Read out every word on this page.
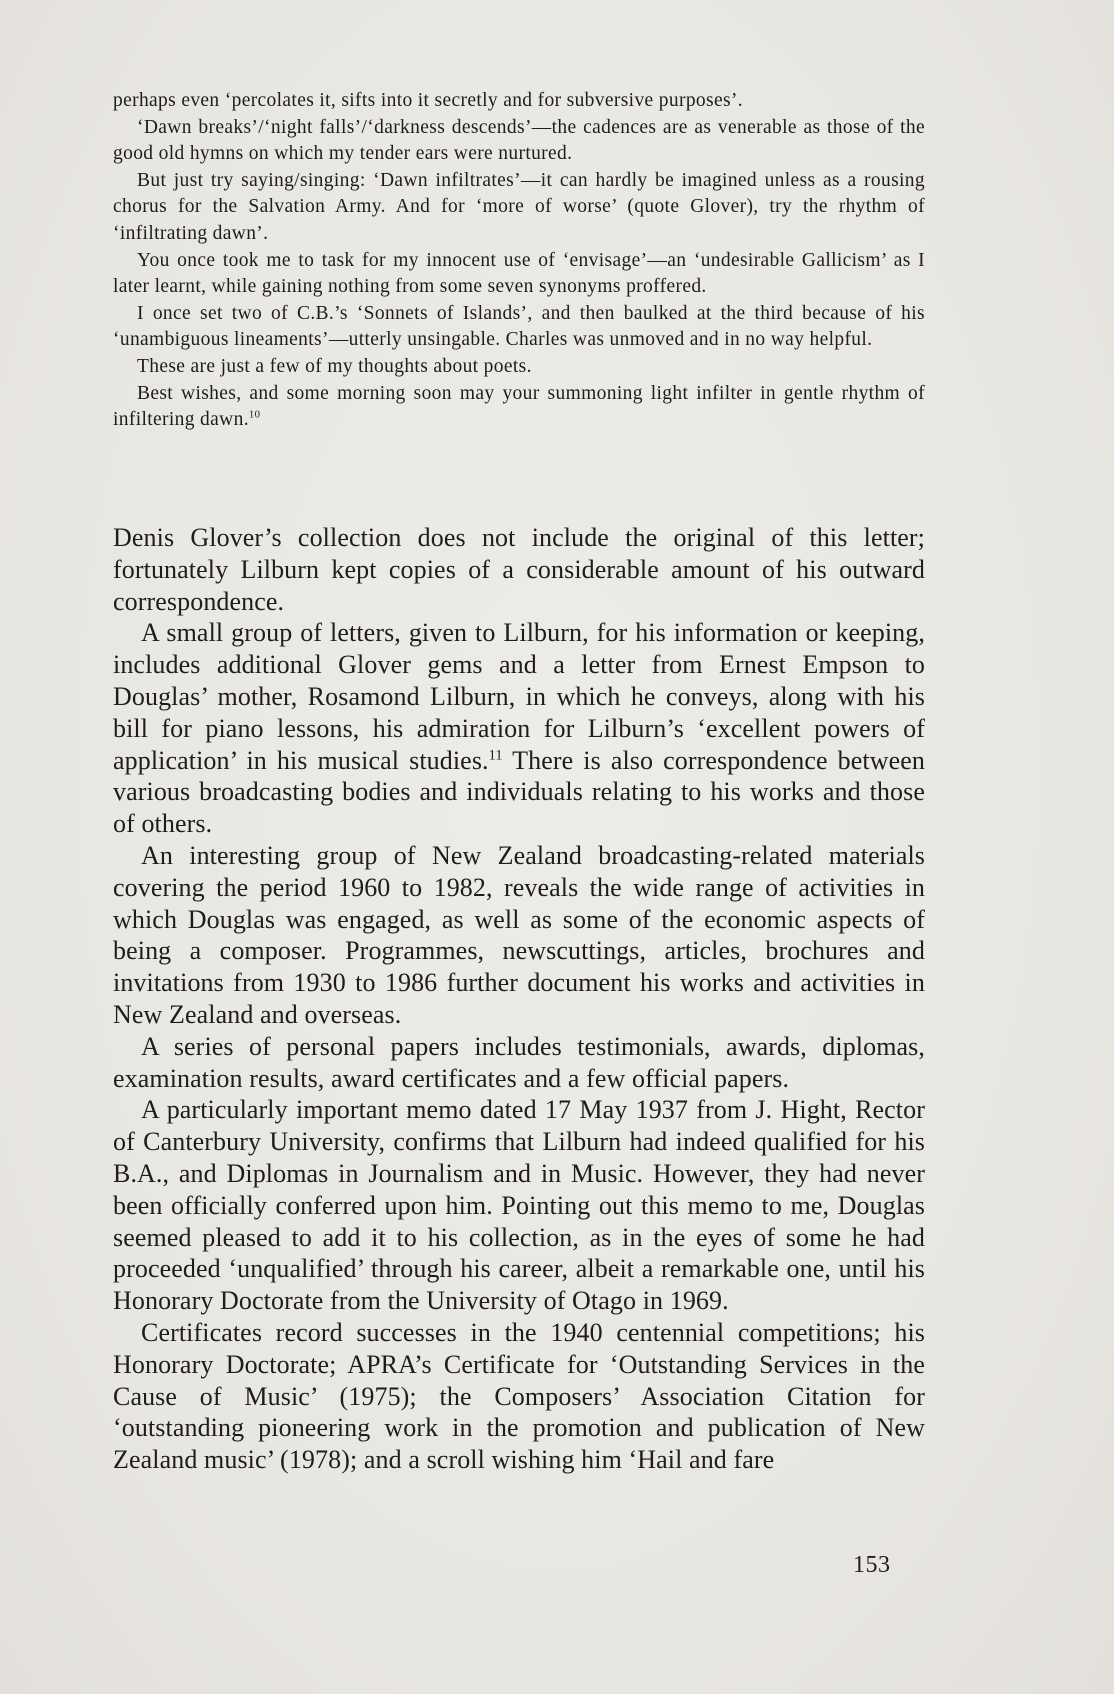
perhaps even ‘percolates it, sifts into it secretly and for subversive purposes’.

‘Dawn breaks’/‘night falls’/‘darkness descends’—the cadences are as venerable as those of the good old hymns on which my tender ears were nurtured.

But just try saying/singing: ‘Dawn infiltrates’—it can hardly be imagined unless as a rousing chorus for the Salvation Army. And for ‘more of worse’ (quote Glover), try the rhythm of ‘infiltrating dawn’.

You once took me to task for my innocent use of ‘envisage’—an ‘undesirable Gallicism’ as I later learnt, while gaining nothing from some seven synonyms proffered.

I once set two of C.B.’s ‘Sonnets of Islands’, and then baulked at the third because of his ‘unambiguous lineaments’—utterly unsingable. Charles was unmoved and in no way helpful.

These are just a few of my thoughts about poets.

Best wishes, and some morning soon may your summoning light infilter in gentle rhythm of infiltering dawn.$^{10}$

Denis Glover’s collection does not include the original of this letter; fortunately Lilburn kept copies of a considerable amount of his outward correspondence.

A small group of letters, given to Lilburn, for his information or keeping, includes additional Glover gems and a letter from Ernest Empson to Douglas’ mother, Rosamond Lilburn, in which he conveys, along with his bill for piano lessons, his admiration for Lilburn’s ‘excellent powers of application’ in his musical studies.$^{11}$ There is also correspondence between various broadcasting bodies and individuals relating to his works and those of others.

An interesting group of New Zealand broadcasting-related materials covering the period 1960 to 1982, reveals the wide range of activities in which Douglas was engaged, as well as some of the economic aspects of being a composer. Programmes, newscuttings, articles, brochures and invitations from 1930 to 1986 further document his works and activities in New Zealand and overseas.

A series of personal papers includes testimonials, awards, diplomas, examination results, award certificates and a few official papers.

A particularly important memo dated 17 May 1937 from J. Hight, Rector of Canterbury University, confirms that Lilburn had indeed qualified for his B.A., and Diplomas in Journalism and in Music. However, they had never been officially conferred upon him. Pointing out this memo to me, Douglas seemed pleased to add it to his collection, as in the eyes of some he had proceeded ‘unqualified’ through his career, albeit a remarkable one, until his Honorary Doctorate from the University of Otago in 1969.

Certificates record successes in the 1940 centennial competitions; his Honorary Doctorate; APRA’s Certificate for ‘Outstanding Services in the Cause of Music’ (1975); the Composers’ Association Citation for ‘outstanding pioneering work in the promotion and publication of New Zealand music’ (1978); and a scroll wishing him ‘Hail and fare

153
